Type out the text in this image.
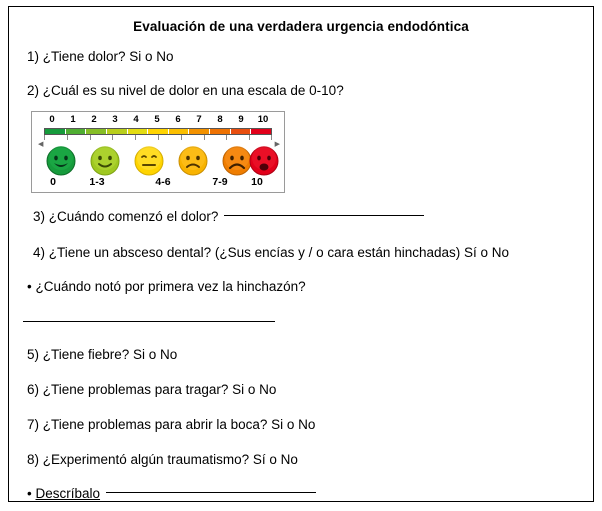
Evaluación de una verdadera urgencia endodóntica
1) ¿Tiene dolor? Si o No
2) ¿Cuál es su nivel de dolor en una escala de 0-10?
0 1 2 3 4 5 6 7 8 9 10
◀	▶
0	1-3	4-6	7-9 10
3) ¿Cuándo comenzó el dolor?
4) ¿Tiene un absceso dental? (¿Sus encías y / o cara están hinchadas) Sí o No
• ¿Cuándo notó por primera vez la hinchazón?
5) ¿Tiene fiebre? Si o No
6) ¿Tiene problemas para tragar? Si o No
7) ¿Tiene problemas para abrir la boca? Si o No
8) ¿Experimentó algún traumatismo? Sí o No
• Descríbalo
